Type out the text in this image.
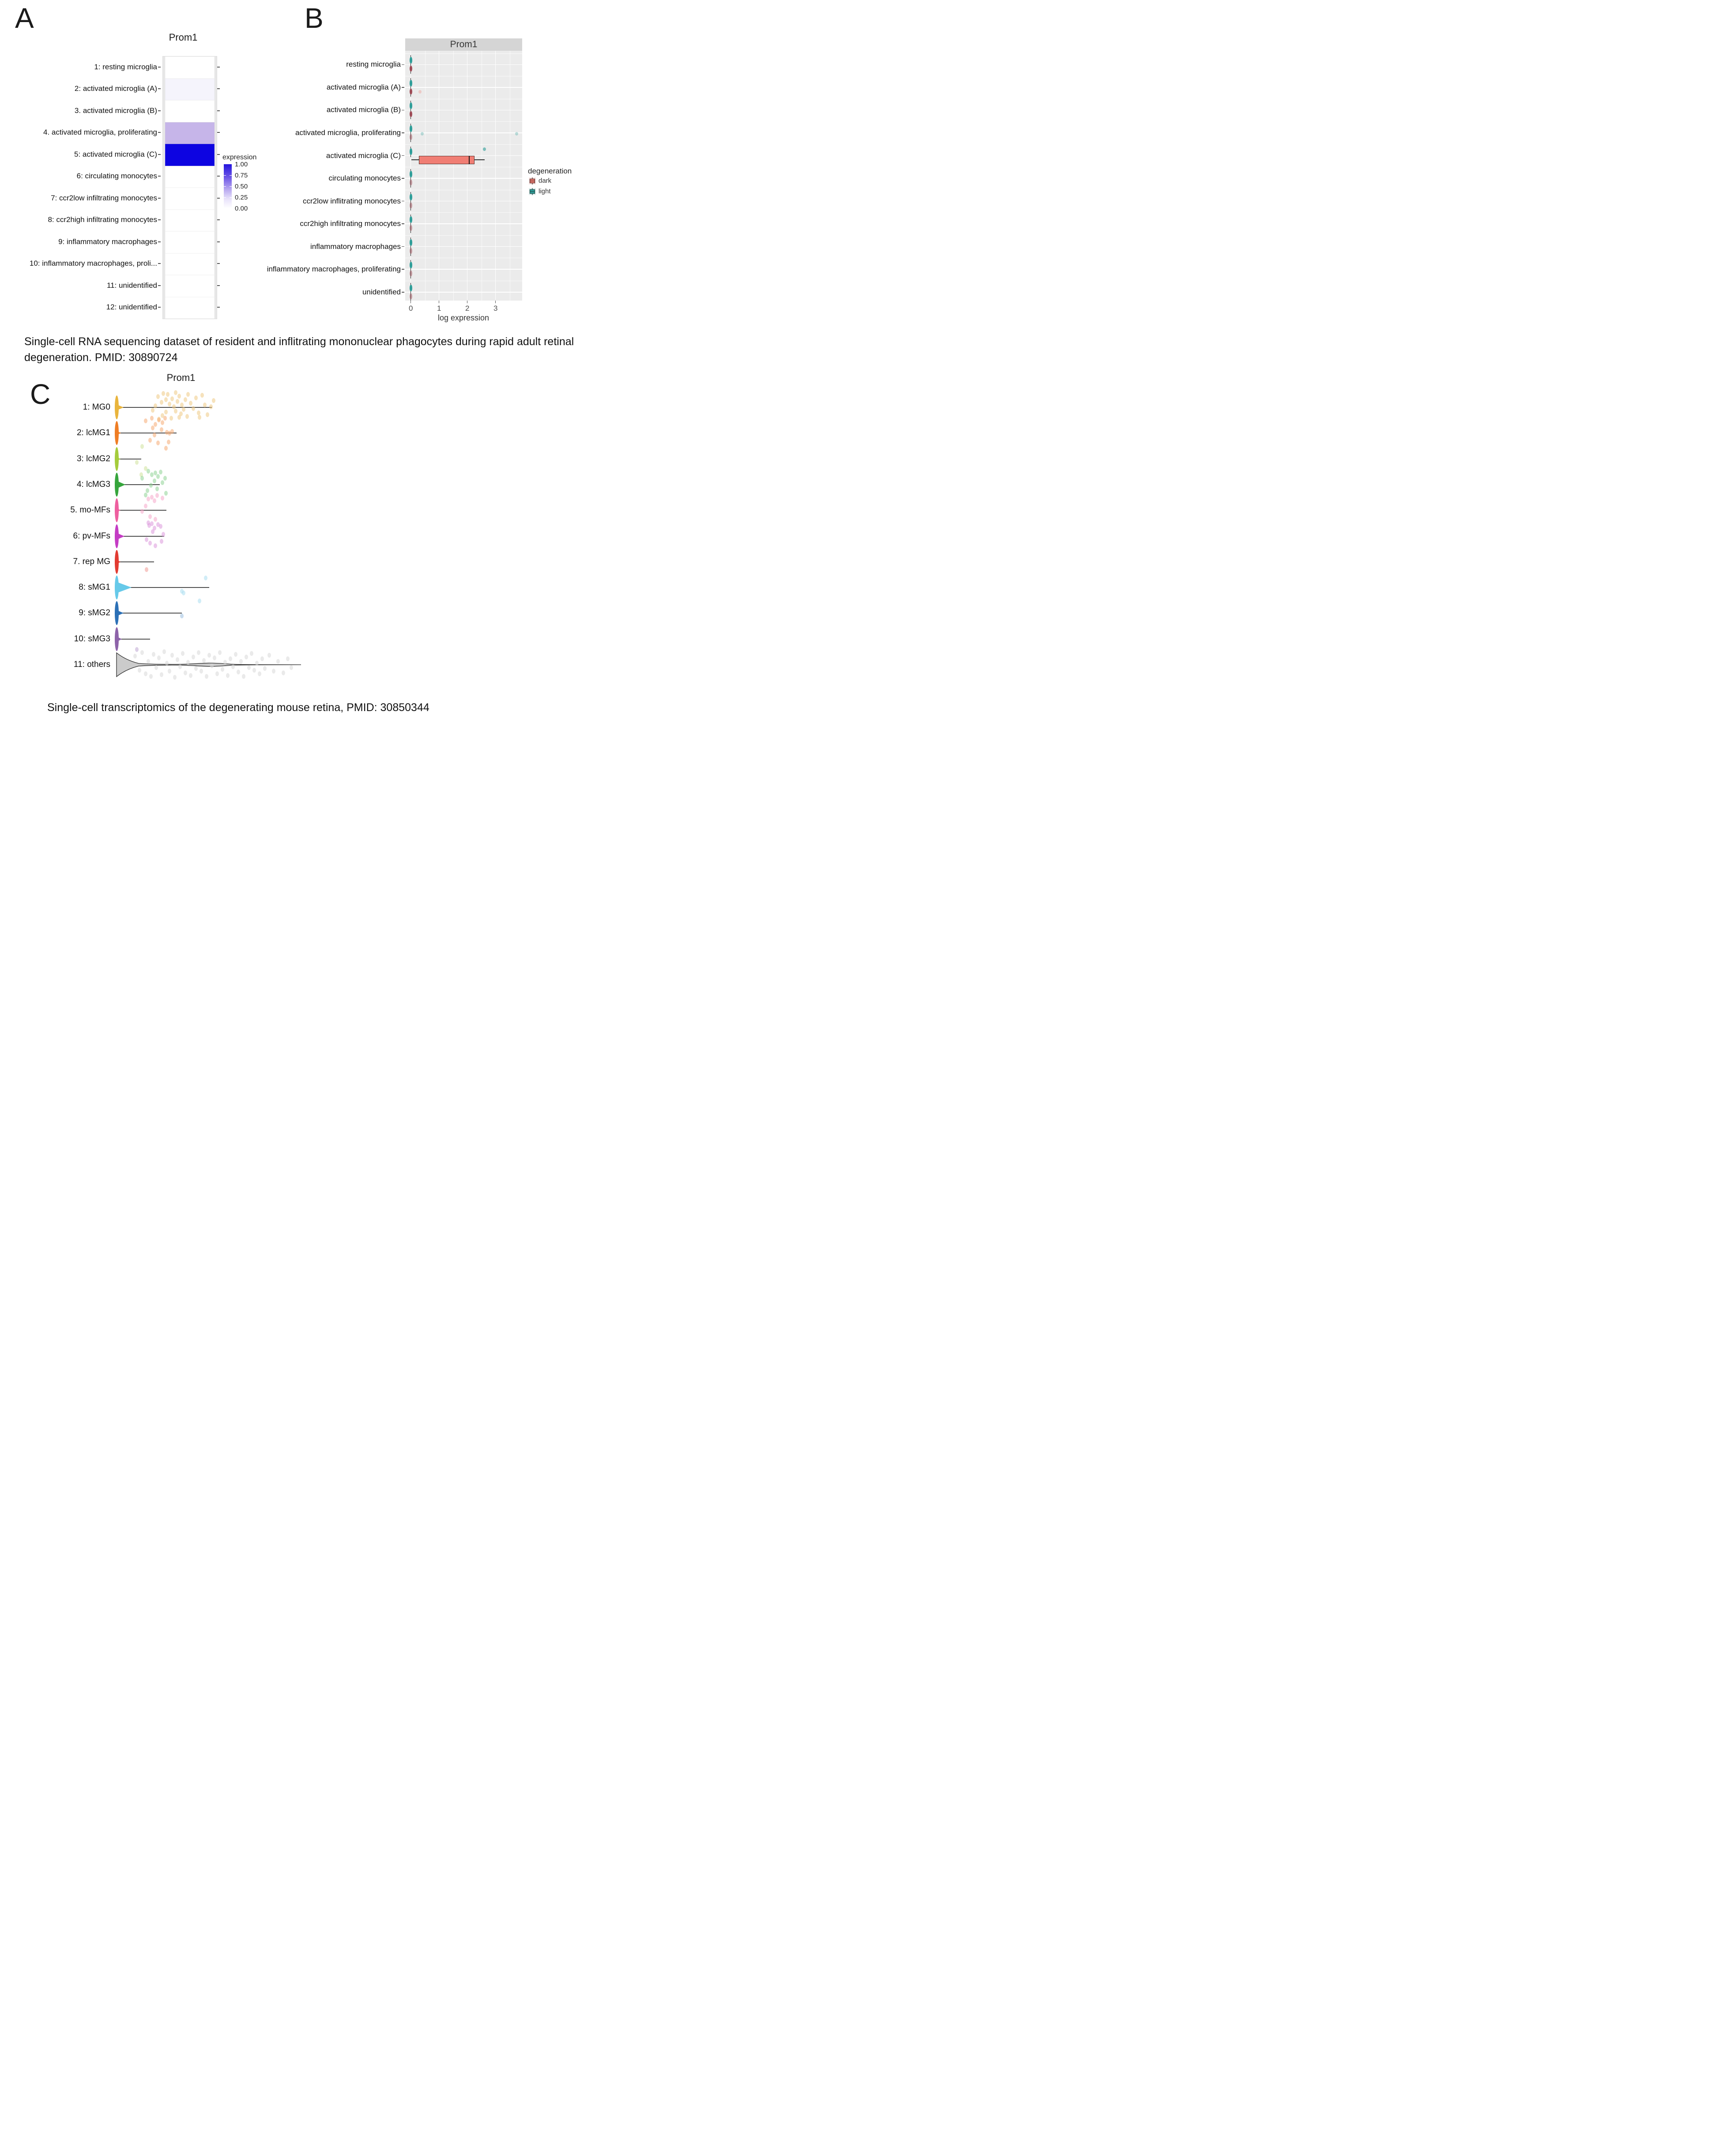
A
Prom1
1: resting microglia
2: activated microglia (A)
3. activated microglia (B)
4. activated microglia, proliferating
5: activated microglia (C)
6: circulating monocytes
7: ccr2low infiltrating monocytes
8: ccr2high infiltrating monocytes
9: inflammatory macrophages
10: inflammatory macrophages, proli...
11: unidentified
12: unidentified
expression
1.00
0.75
0.50
0.25
0.00
Single-cell RNA sequencing dataset of resident and inflitrating mononuclear phagocytes during rapid adult retinal degeneration. PMID: 30890724
B
Prom1
resting microglia
activated microglia (A)
activated microglia (B)
activated microglia, proliferating
activated microglia (C)
circulating monocytes
ccr2low inflitrating monocytes
ccr2high infiltrating monocytes
inflammatory macrophages
inflammatory macrophages, proliferating
unidentified
0	1	2	3
log expression
degeneration
dark
light
C
Prom1
1: MG0
2: lcMG1
3: lcMG2
4: lcMG3
5. mo-MFs
6: pv-MFs
7. rep MG
8: sMG1
9: sMG2
10: sMG3
11: others
Single-cell transcriptomics of the degenerating mouse retina, PMID: 30850344
